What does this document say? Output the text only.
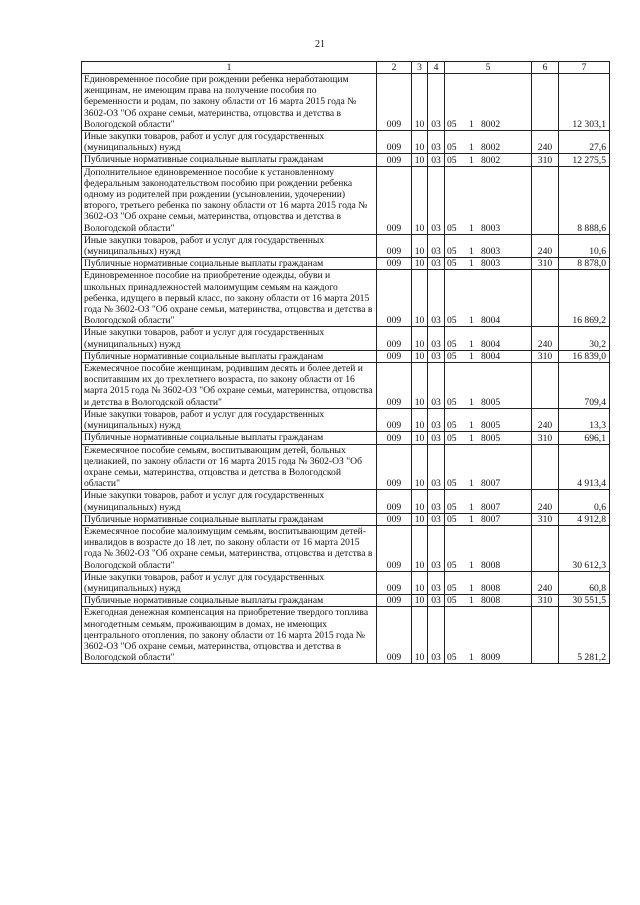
21
1	2	3	4	5	6	7
Единовременное пособие при рождении ребенка неработающим женщинам, не имеющим права на получение пособия по беременности и родам, по закону области от 16 марта 2015 года № 3602-ОЗ "Об охране семьи, материнства, отцовства и детства в Вологодской области"	009	10	03	05 1 8002		12 303,1
Иные закупки товаров, работ и услуг для государственных (муниципальных) нужд	009	10	03	05 1 8002	240	27,6
Публичные нормативные социальные выплаты гражданам	009	10	03	05 1 8002	310	12 275,5
Дополнительное единовременное пособие к установленному федеральным законодательством пособию при рождении ребенка одному из родителей при рождении (усыновлении, удочерении) второго, третьего ребенка по закону области от 16 марта 2015 года № 3602-ОЗ "Об охране семьи, материнства, отцовства и детства в Вологодской области"	009	10	03	05 1 8003		8 888,6
Иные закупки товаров, работ и услуг для государственных (муниципальных) нужд	009	10	03	05 1 8003	240	10,6
Публичные нормативные социальные выплаты гражданам	009	10	03	05 1 8003	310	8 878,0
Единовременное пособие на приобретение одежды, обуви и школьных принадлежностей малоимущим семьям на каждого ребенка, идущего в первый класс, по закону области от 16 марта 2015 года № 3602-ОЗ "Об охране семьи, материнства, отцовства и детства в Вологодской области"	009	10	03	05 1 8004		16 869,2
Иные закупки товаров, работ и услуг для государственных (муниципальных) нужд	009	10	03	05 1 8004	240	30,2
Публичные нормативные социальные выплаты гражданам	009	10	03	05 1 8004	310	16 839,0
Ежемесячное пособие женщинам, родившим десять и более детей и воспитавшим их до трехлетнего возраста, по закону области от 16 марта 2015 года № 3602-ОЗ "Об охране семьи, материнства, отцовства и детства в Вологодской области"	009	10	03	05 1 8005		709,4
Иные закупки товаров, работ и услуг для государственных (муниципальных) нужд	009	10	03	05 1 8005	240	13,3
Публичные нормативные социальные выплаты гражданам	009	10	03	05 1 8005	310	696,1
Ежемесячное пособие семьям, воспитывающим детей, больных целиакией, по закону области от 16 марта 2015 года № 3602-ОЗ "Об охране семьи, материнства, отцовства и детства в Вологодской области"	009	10	03	05 1 8007		4 913,4
Иные закупки товаров, работ и услуг для государственных (муниципальных) нужд	009	10	03	05 1 8007	240	0,6
Публичные нормативные социальные выплаты гражданам	009	10	03	05 1 8007	310	4 912,8
Ежемесячное пособие малоимущим семьям, воспитывающим детей-инвалидов в возрасте до 18 лет, по закону области от 16 марта 2015 года № 3602-ОЗ "Об охране семьи, материнства, отцовства и детства в Вологодской области"	009	10	03	05 1 8008		30 612,3
Иные закупки товаров, работ и услуг для государственных (муниципальных) нужд	009	10	03	05 1 8008	240	60,8
Публичные нормативные социальные выплаты гражданам	009	10	03	05 1 8008	310	30 551,5
Ежегодная денежная компенсация на приобретение твердого топлива многодетным семьям, проживающим в домах, не имеющих центрального отопления, по закону области от 16 марта 2015 года № 3602-ОЗ "Об охране семьи, материнства, отцовства и детства в Вологодской области"	009	10	03	05 1 8009		5 281,2
